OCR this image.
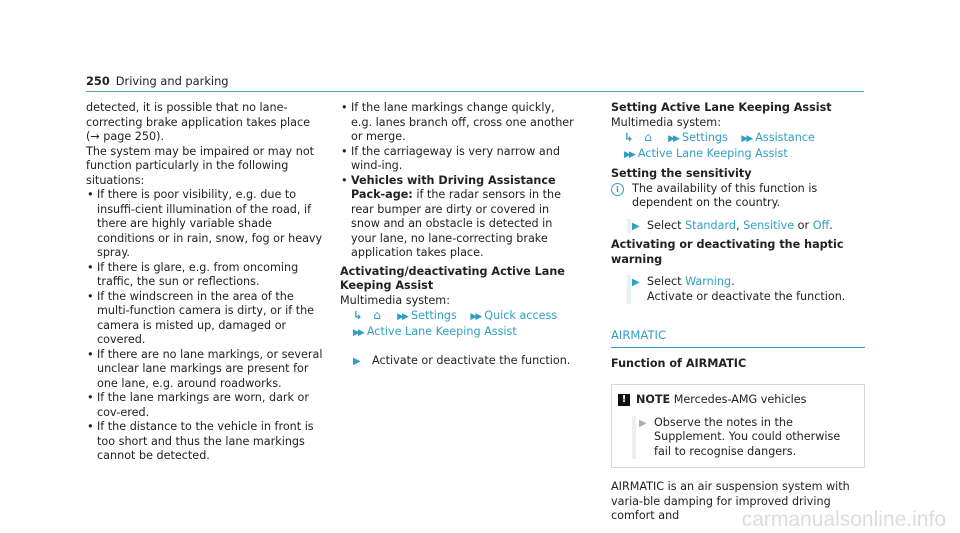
250 Driving and parking

detected, it is possible that no lane-correcting brake application takes place (→ page 250).

The system may be impaired or may not function particularly in the following situations:

• If there is poor visibility, e.g. due to insuffi-cient illumination of the road, if there are highly variable shade conditions or in rain, snow, fog or heavy spray.
• If there is glare, e.g. from oncoming traffic, the sun or reflections.
• If the windscreen in the area of the multi-function camera is dirty, or if the camera is misted up, damaged or covered.
• If there are no lane markings, or several unclear lane markings are present for one lane, e.g. around roadworks.
• If the lane markings are worn, dark or cov-ered.
• If the distance to the vehicle in front is too short and thus the lane markings cannot be detected.
• If the lane markings change quickly, e.g. lanes branch off, cross one another or merge.
• If the carriageway is very narrow and wind-ing.
• Vehicles with Driving Assistance Pack-age: if the radar sensors in the rear bumper are dirty or covered in snow and an obstacle is detected in your lane, no lane-correcting brake application takes place.

Activating/deactivating Active Lane Keeping Assist

Multimedia system:

↳ ⌂ ▶▶ Settings ▶▶ Quick access
▶▶ Active Lane Keeping Assist
▶ Activate or deactivate the function.

Setting Active Lane Keeping Assist

Multimedia system:

↳ ⌂ ▶▶ Settings ▶▶ Assistance
▶▶ Active Lane Keeping Assist

Setting the sensitivity

i	The availability of this function is dependent on the country.
▶ Select Standard, Sensitive or Off.

Activating or deactivating the haptic warning

▶ Select Warning.
Activate or deactivate the function.
AIRMATIC

Function of AIRMATIC

! NOTE Mercedes-AMG vehicles
▶ Observe the notes in the Supplement. You could otherwise fail to recognise dangers.

AIRMATIC is an air suspension system with varia-ble damping for improved driving comfort and	carmanualsonline.info
